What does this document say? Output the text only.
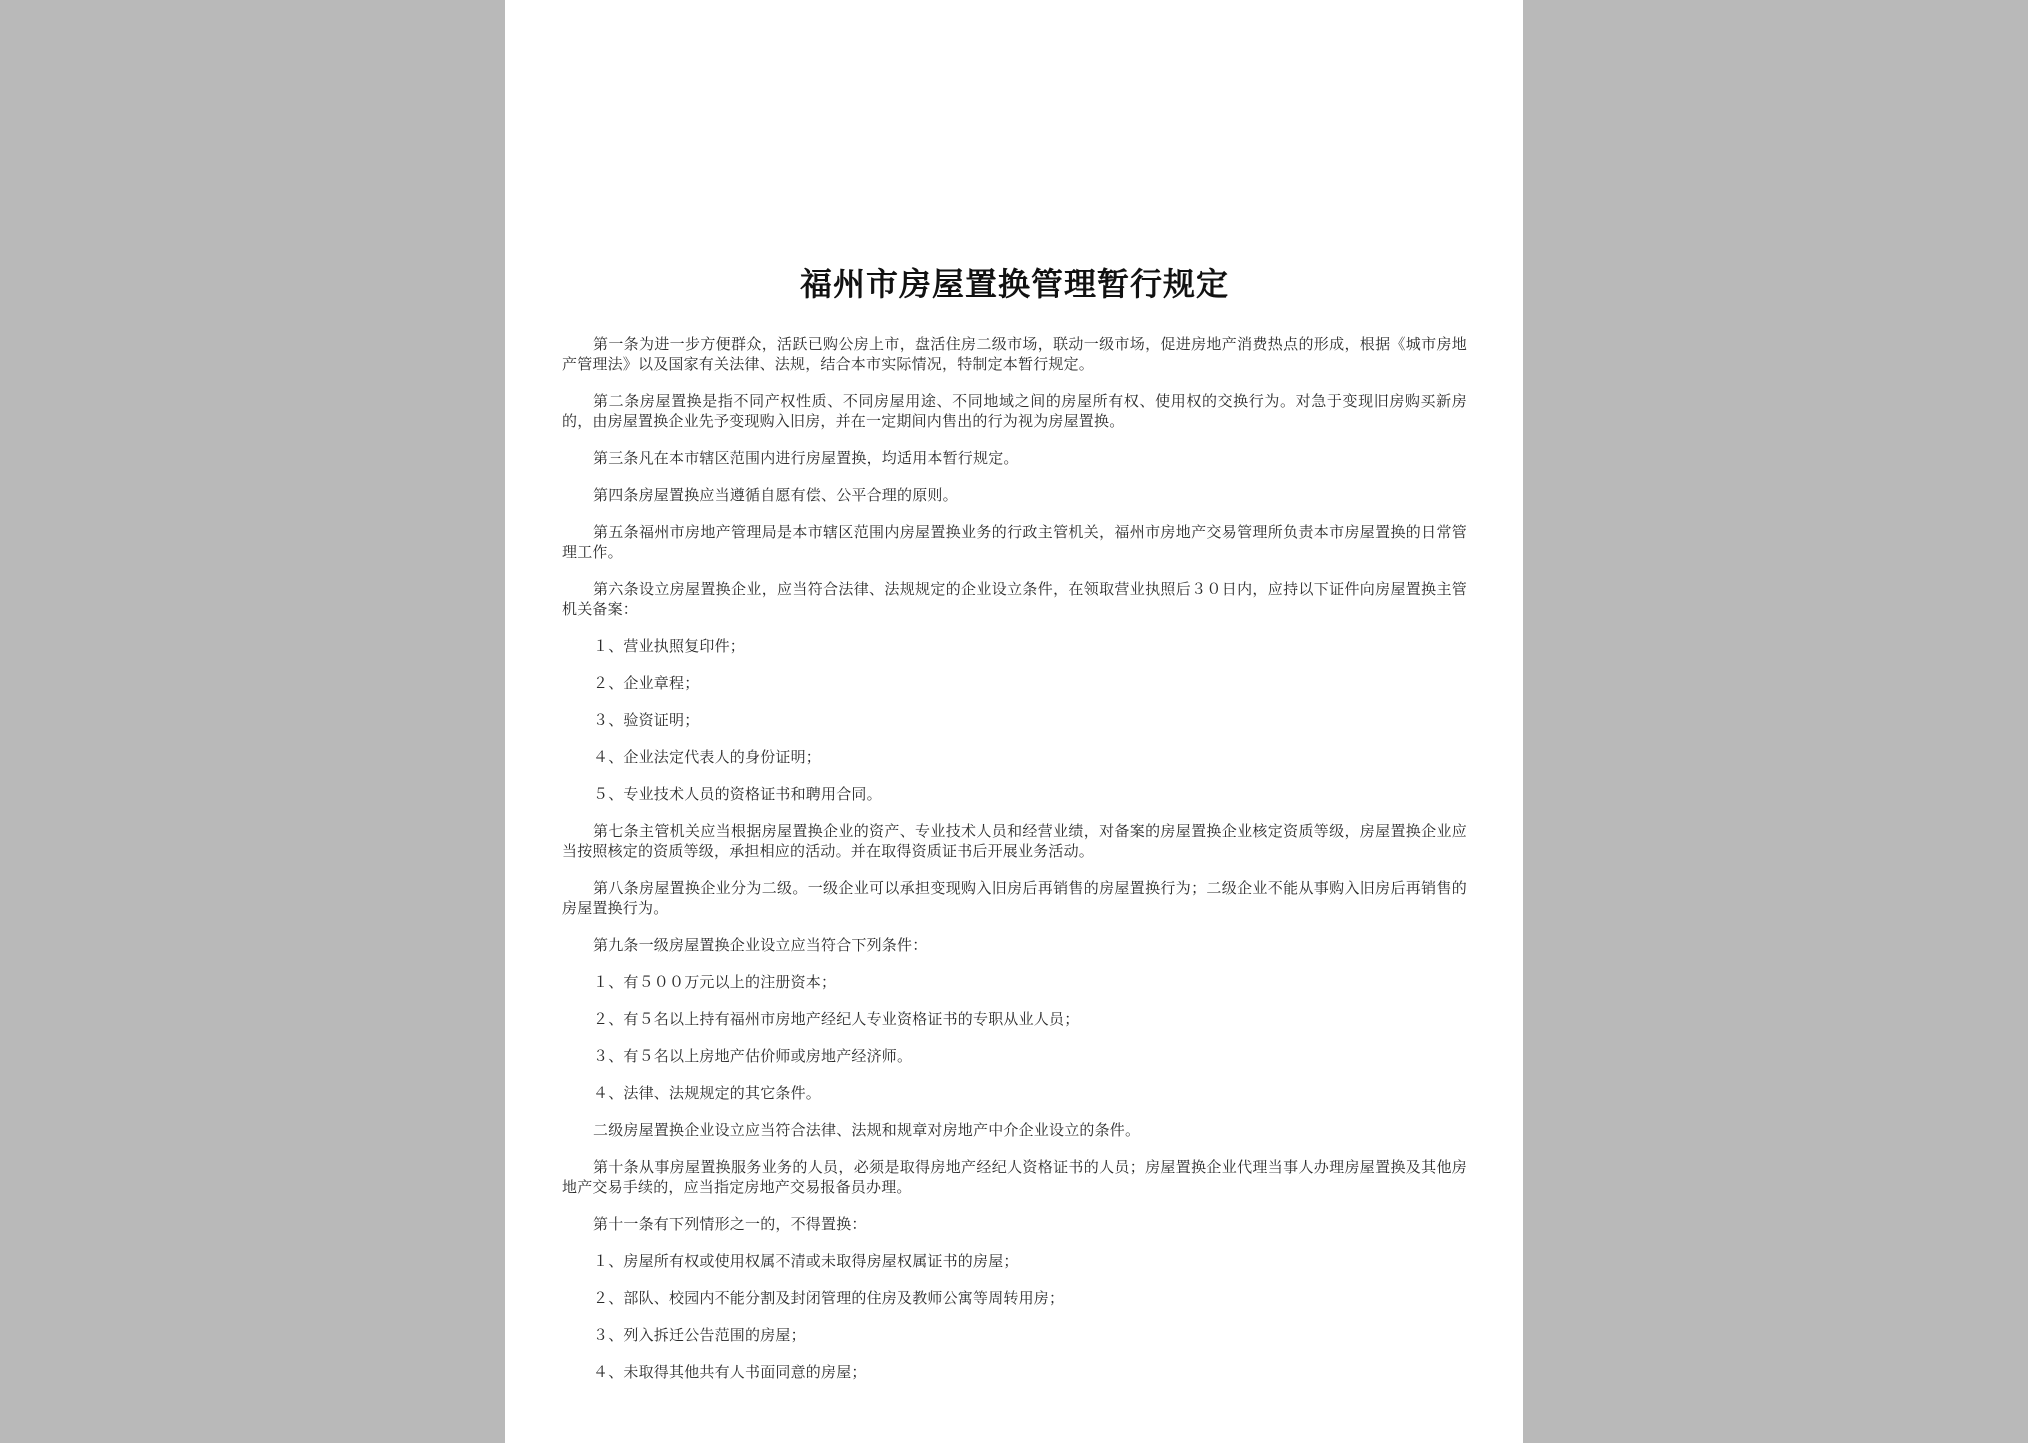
福州市房屋置换管理暂行规定

第一条为进一步方便群众，活跃已购公房上市，盘活住房二级市场，联动一级市场，促进房地产消费热点的形成，根据《城市房地产管理法》以及国家有关法律、法规，结合本市实际情况，特制定本暂行规定。

第二条房屋置换是指不同产权性质、不同房屋用途、不同地域之间的房屋所有权、使用权的交换行为。对急于变现旧房购买新房的，由房屋置换企业先予变现购入旧房，并在一定期间内售出的行为视为房屋置换。

第三条凡在本市辖区范围内进行房屋置换，均适用本暂行规定。

第四条房屋置换应当遵循自愿有偿、公平合理的原则。

第五条福州市房地产管理局是本市辖区范围内房屋置换业务的行政主管机关，福州市房地产交易管理所负责本市房屋置换的日常管理工作。

第六条设立房屋置换企业，应当符合法律、法规规定的企业设立条件，在领取营业执照后３０日内，应持以下证件向房屋置换主管机关备案：

１、营业执照复印件；

２、企业章程；

３、验资证明；

４、企业法定代表人的身份证明；

５、专业技术人员的资格证书和聘用合同。

第七条主管机关应当根据房屋置换企业的资产、专业技术人员和经营业绩，对备案的房屋置换企业核定资质等级，房屋置换企业应当按照核定的资质等级，承担相应的活动。并在取得资质证书后开展业务活动。

第八条房屋置换企业分为二级。一级企业可以承担变现购入旧房后再销售的房屋置换行为；二级企业不能从事购入旧房后再销售的房屋置换行为。

第九条一级房屋置换企业设立应当符合下列条件：

１、有５００万元以上的注册资本；

２、有５名以上持有福州市房地产经纪人专业资格证书的专职从业人员；

３、有５名以上房地产估价师或房地产经济师。

４、法律、法规规定的其它条件。

二级房屋置换企业设立应当符合法律、法规和规章对房地产中介企业设立的条件。

第十条从事房屋置换服务业务的人员，必须是取得房地产经纪人资格证书的人员；房屋置换企业代理当事人办理房屋置换及其他房地产交易手续的，应当指定房地产交易报备员办理。

第十一条有下列情形之一的，不得置换：

１、房屋所有权或使用权属不清或未取得房屋权属证书的房屋；

２、部队、校园内不能分割及封闭管理的住房及教师公寓等周转用房；

３、列入拆迁公告范围的房屋；

４、未取得其他共有人书面同意的房屋；
